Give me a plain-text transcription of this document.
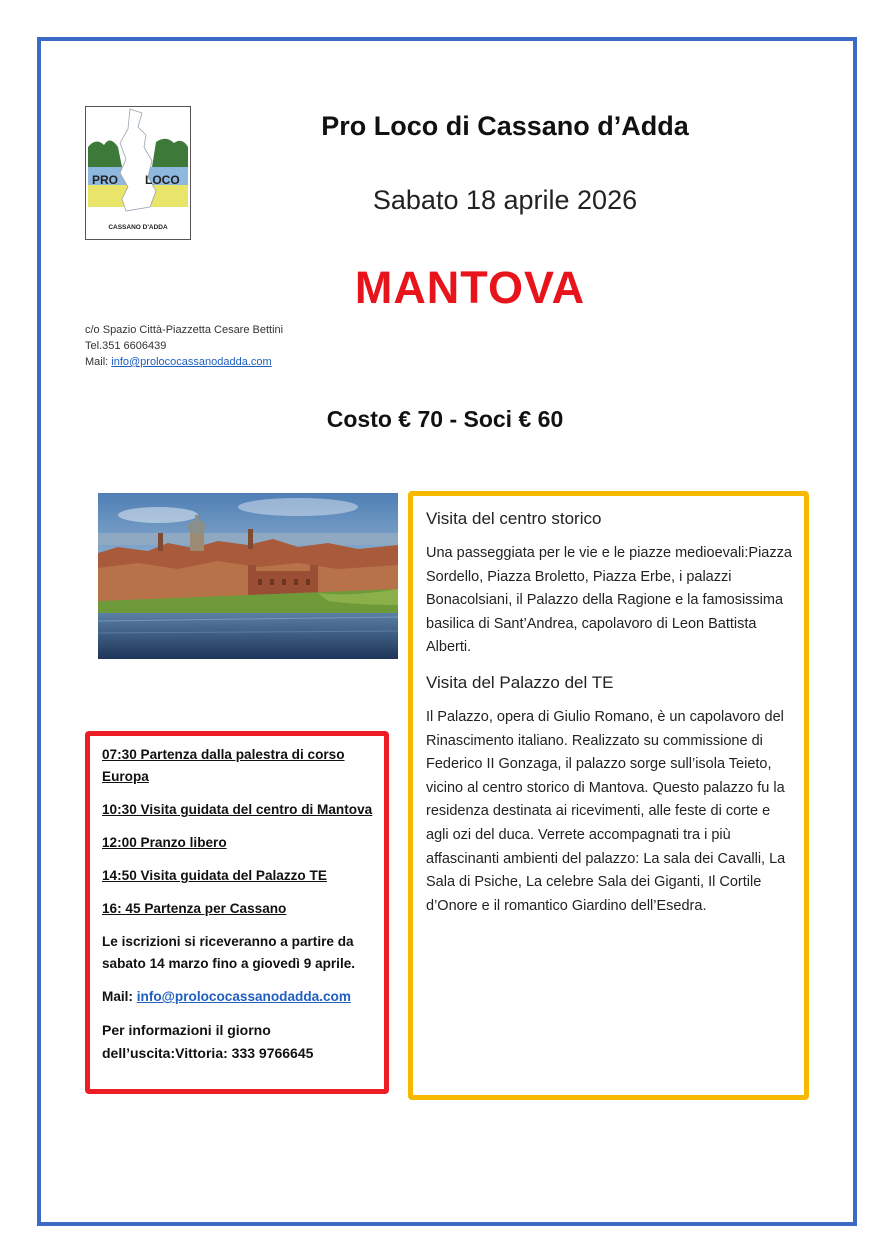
PRO LOCO
CASSANO D'ADDA
Pro Loco di Cassano d’Adda
Sabato 18 aprile 2026
MANTOVA
c/o Spazio Città-Piazzetta Cesare Bettini
Tel.351 6606439
Mail: info@prolococassanodadda.com
Costo € 70 - Soci € 60

07:30 Partenza dalla palestra di corso Europa

10:30 Visita guidata del centro di Mantova

12:00 Pranzo libero

14:50 Visita guidata del Palazzo TE

16: 45 Partenza per Cassano

Le iscrizioni si riceveranno a partire da sabato 14 marzo fino a giovedì 9 aprile.

Mail: info@prolococassanodadda.com

Per informazioni il giorno dell’uscita:Vittoria: 333 9766645

Visita del centro storico

Una passeggiata per le vie e le piazze medioevali:Piazza Sordello, Piazza Broletto, Piazza Erbe, i palazzi Bonacolsiani, il Palazzo della Ragione e la famosissima basilica di Sant’Andrea, capolavoro di Leon Battista Alberti.

Visita del Palazzo del TE

Il Palazzo, opera di Giulio Romano, è un capolavoro del Rinascimento italiano. Realizzato su commissione di Federico II Gonzaga, il palazzo sorge sull’isola Teieto, vicino al centro storico di Mantova. Questo palazzo fu la residenza destinata ai ricevimenti, alle feste di corte e agli ozi del duca. Verrete accompagnati tra i più affascinanti ambienti del palazzo: La sala dei Cavalli, La Sala di Psiche, La celebre Sala dei Giganti, Il Cortile d’Onore e il romantico Giardino dell’Esedra.
